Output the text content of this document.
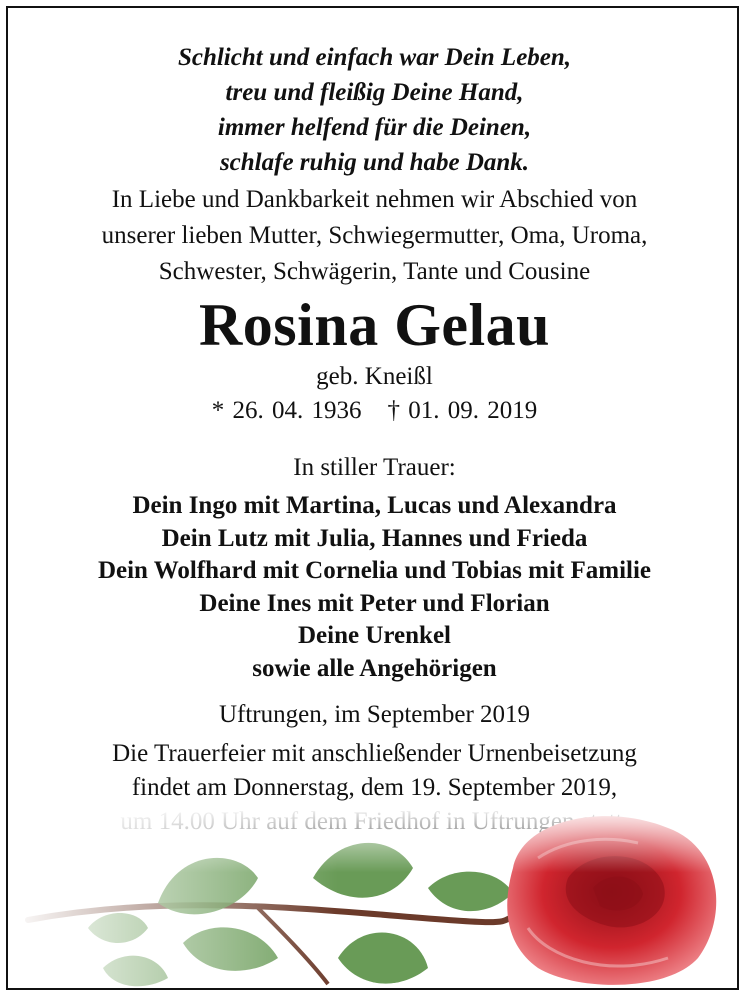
Schlicht und einfach war Dein Leben,
treu und fleißig Deine Hand,
immer helfend für die Deinen,
schlafe ruhig und habe Dank.
In Liebe und Dankbarkeit nehmen wir Abschied von
unserer lieben Mutter, Schwiegermutter, Oma, Uroma,
Schwester, Schwägerin, Tante und Cousine
Rosina Gelau
geb. Kneißl
* 26. 04. 1936 † 01. 09. 2019
In stiller Trauer:
Dein Ingo mit Martina, Lucas und Alexandra
Dein Lutz mit Julia, Hannes und Frieda
Dein Wolfhard mit Cornelia und Tobias mit Familie
Deine Ines mit Peter und Florian
Deine Urenkel
sowie alle Angehörigen
Uftrungen, im September 2019
Die Trauerfeier mit anschließender Urnenbeisetzung
findet am Donnerstag, dem 19. September 2019,
